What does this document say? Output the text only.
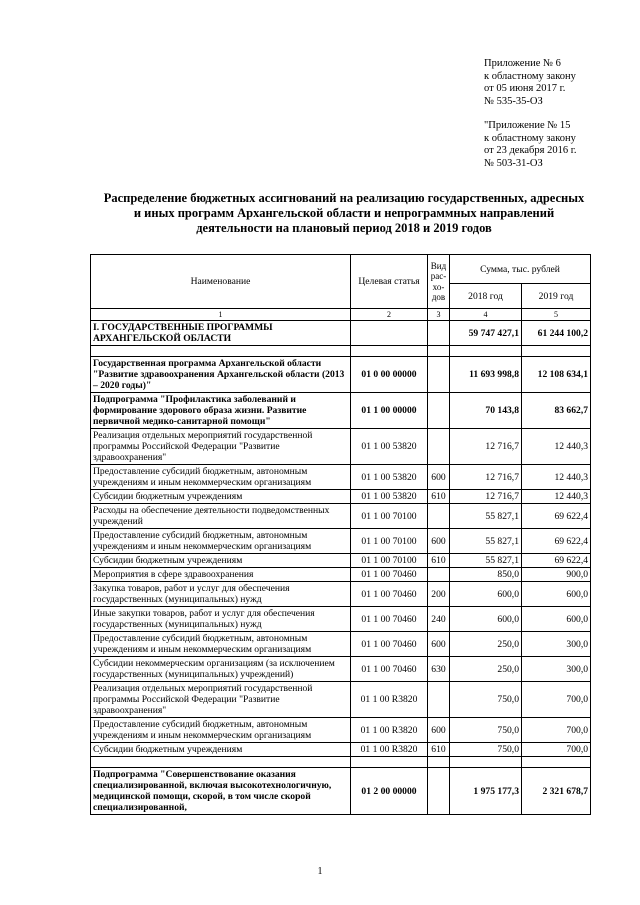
Приложение № 6

к областному закону

от 05 июня 2017 г.

№ 535-35-ОЗ

"Приложение № 15

к областному закону

от 23 декабря 2016 г.

№ 503-31-ОЗ

Распределение бюджетных ассигнований на реализацию государственных, адресных

и иных программ Архангельской области и непрограммных направлений

деятельности на плановый период 2018 и 2019 годов

Наименование	Целевая статья	Вид рас-хо-дов	Сумма, тыс. рублей	
			2018 год	2019 год
1	2	3	4	5
I. ГОСУДАРСТВЕННЫЕ ПРОГРАММЫ АРХАНГЕЛЬСКОЙ ОБЛАСТИ			59 747 427,1	61 244 100,2

Государственная программа Архангельской области "Развитие здравоохранения Архангельской области (2013 – 2020 годы)"	01 0 00 00000		11 693 998,8	12 108 634,1
Подпрограмма "Профилактика заболеваний и формирование здорового образа жизни. Развитие первичной медико-санитарной помощи"	01 1 00 00000		70 143,8	83 662,7
Реализация отдельных мероприятий государственной программы Российской Федерации "Развитие здравоохранения"	01 1 00 53820		12 716,7	12 440,3
Предоставление субсидий бюджетным, автономным учреждениям и иным некоммерческим организациям	01 1 00 53820	600	12 716,7	12 440,3
Субсидии бюджетным учреждениям	01 1 00 53820	610	12 716,7	12 440,3
Расходы на обеспечение деятельности подведомственных учреждений	01 1 00 70100		55 827,1	69 622,4
Предоставление субсидий бюджетным, автономным учреждениям и иным некоммерческим организациям	01 1 00 70100	600	55 827,1	69 622,4
Субсидии бюджетным учреждениям	01 1 00 70100	610	55 827,1	69 622,4
Мероприятия в сфере здравоохранения	01 1 00 70460		850,0	900,0
Закупка товаров, работ и услуг для обеспечения государственных (муниципальных) нужд	01 1 00 70460	200	600,0	600,0
Иные закупки товаров, работ и услуг для обеспечения государственных (муниципальных) нужд	01 1 00 70460	240	600,0	600,0
Предоставление субсидий бюджетным, автономным учреждениям и иным некоммерческим организациям	01 1 00 70460	600	250,0	300,0
Субсидии некоммерческим организациям (за исключением государственных (муниципальных) учреждений)	01 1 00 70460	630	250,0	300,0
Реализация отдельных мероприятий государственной программы Российской Федерации "Развитие здравоохранения"	01 1 00 R3820		750,0	700,0
Предоставление субсидий бюджетным, автономным учреждениям и иным некоммерческим организациям	01 1 00 R3820	600	750,0	700,0
Субсидии бюджетным учреждениям	01 1 00 R3820	610	750,0	700,0

Подпрограмма "Совершенствование оказания специализированной, включая высокотехнологичную, медицинской помощи, скорой, в том числе скорой специализированной,	01 2 00 00000		1 975 177,3	2 321 678,7
1
